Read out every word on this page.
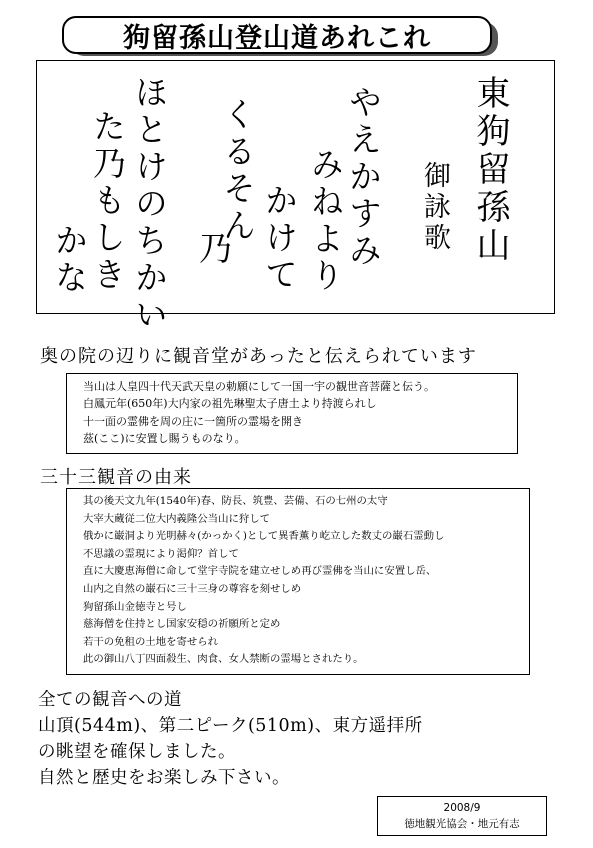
狗留孫山登山道あれこれ
東狗留孫山
御詠歌
やえかすみ
みねより
かけて
くるそん
乃
ほとけのちかい
た乃もしき
かな
奥の院の辺りに観音堂があったと伝えられています
当山は人皇四十代天武天皇の勅願にして一国一宇の観世音菩薩と伝う。
白鳳元年(650年)大内家の祖先琳聖太子唐土より持渡られし
十一面の霊佛を周の庄に一箇所の霊場を開き
茲(ここ)に安置し賜うものなり。
三十三観音の由来
其の後天文九年(1540年)春、防長、筑豊、芸備、石の七州の太守
大宰大蔵従二位大内義隆公当山に狩して
俄かに巌洞より光明赫々(かっかく)として異香薫り屹立した数丈の巌石霊動し
不思議の霊現により渇仰？首して
直に大慶恵海僧に命して堂宇寺院を建立せしめ再び霊佛を当山に安置し岳、
山内之自然の巌石に三十三身の尊容を刻せしめ
狗留孫山金徳寺と号し
慈海僧を住持とし国家安穏の祈願所と定め
若干の免租の土地を寄せられ
此の御山八丁四面殺生、肉食、女人禁断の霊場とされたり。
全ての観音への道
山頂(544m)、第二ピーク(510m)、東方遥拝所
の眺望を確保しました。
自然と歴史をお楽しみ下さい。
2008/9
徳地観光協会・地元有志
